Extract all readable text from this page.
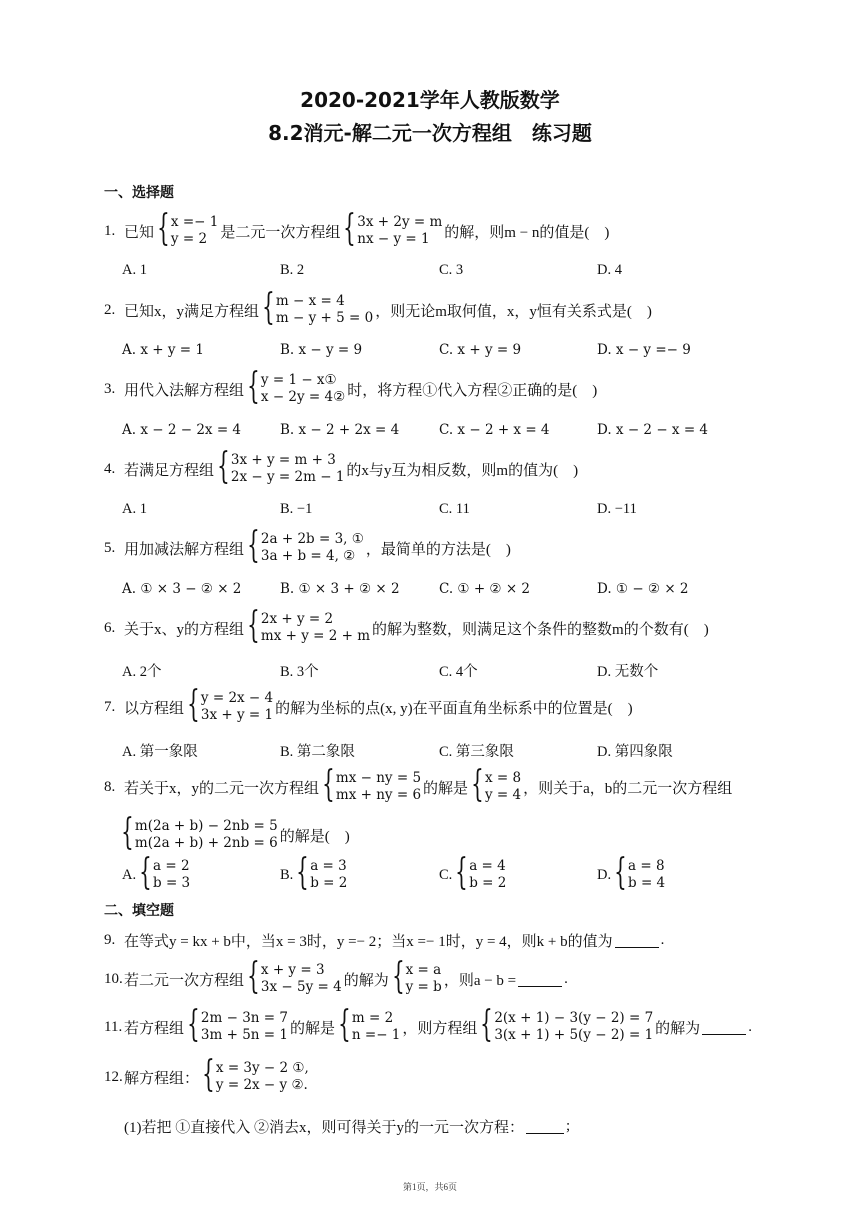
2020-2021学年人教版数学
8.2消元-解二元一次方程组　练习题
一、选择题
1. 已知 { x =− 1
y = 2 是二元一次方程组 { 3x + 2y = m
nx − y = 1 的解，则m − n的值是(　)
A. 1	B. 2	C. 3	D. 4
2. 已知x，y满足方程组 { m − x = 4
m − y + 5 = 0 ，则无论m取何值，x，y恒有关系式是(　)
A. x + y = 1	B. x − y = 9	C. x + y = 9	D. x − y =− 9
3. 用代入法解方程组 { y = 1 − x①
x − 2y = 4② 时，将方程①代入方程②正确的是(　)
A. x − 2 − 2x = 4	B. x − 2 + 2x = 4	C. x − 2 + x = 4	D. x − 2 − x = 4
4. 若满足方程组 { 3x + y = m + 3
2x − y = 2m − 1 的x与y互为相反数，则m的值为(　)
A. 1	B. −1	C. 11	D. −11
5. 用加减法解方程组 { 2a + 2b = 3, ①
3a + b = 4, ② ，最简单的方法是(　)
A. ① × 3 − ② × 2	B. ① × 3 + ② × 2	C. ① + ② × 2	D. ① − ② × 2
6. 关于x、y的方程组 { 2x + y = 2
mx + y = 2 + m 的解为整数，则满足这个条件的整数m的个数有(　)
A. 2个	B. 3个	C. 4个	D. 无数个
7. 以方程组 { y = 2x − 4
3x + y = 1 的解为坐标的点(x, y)在平面直角坐标系中的位置是(　)
A. 第一象限	B. 第二象限	C. 第三象限	D. 第四象限
8. 若关于x，y的二元一次方程组 { mx − ny = 5
mx + ny = 6 的解是 { x = 8
y = 4 ，则关于a，b的二元一次方程组
{ m(2a + b) − 2nb = 5
m(2a + b) + 2nb = 6 的解是(　)
A. { a = 2
b = 3
B. { a = 3
b = 2
C. { a = 4
b = 2
D. { a = 8
b = 4
二、填空题
9. 在等式y = kx + b中，当x = 3时，y =− 2；当x =− 1时，y = 4，则k + b的值为	.
10. 若二元一次方程组 { x + y = 3
3x − 5y = 4 的解为 { x = a
y = b ，则a − b =	.
11. 若方程组 { 2m − 3n = 7
3m + 5n = 1 的解是 { m = 2
n =− 1 ，则方程组 { 2(x + 1) − 3(y − 2) = 7
3(x + 1) + 5(y − 2) = 1 的解为	.
12. 解方程组： { x = 3y − 2 ①,
y = 2x − y ②.
(1)若把 ①直接代入 ②消去x，则可得关于y的一元一次方程：	;
第1页，共6页
